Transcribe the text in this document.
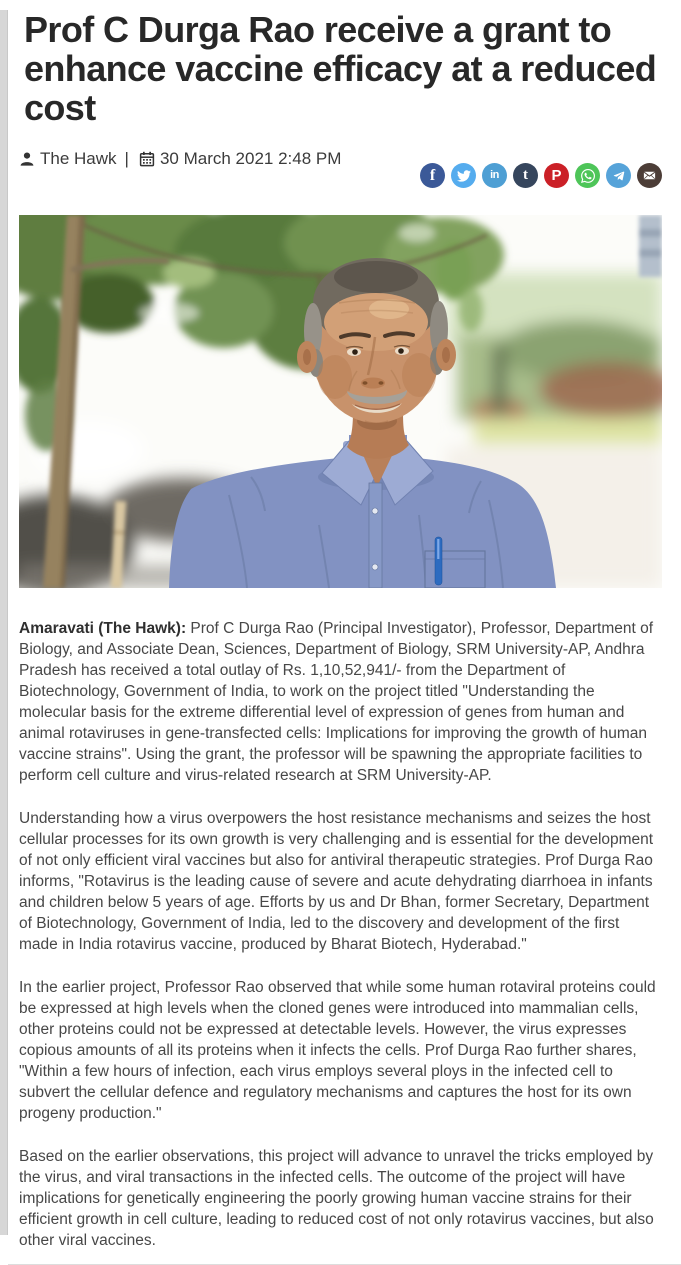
Prof C Durga Rao receive a grant to enhance vaccine efficacy at a reduced cost
The Hawk | 30 March 2021 2:48 PM
f	in t P

Amaravati (The Hawk): Prof C Durga Rao (Principal Investigator), Professor, Department of Biology, and Associate Dean, Sciences, Department of Biology, SRM University-AP, Andhra Pradesh has received a total outlay of Rs. 1,10,52,941/- from the Department of Biotechnology, Government of India, to work on the project titled "Understanding the molecular basis for the extreme differential level of expression of genes from human and animal rotaviruses in gene-transfected cells: Implications for improving the growth of human vaccine strains". Using the grant, the professor will be spawning the appropriate facilities to perform cell culture and virus-related research at SRM University-AP.

Understanding how a virus overpowers the host resistance mechanisms and seizes the host cellular processes for its own growth is very challenging and is essential for the development of not only efficient viral vaccines but also for antiviral therapeutic strategies. Prof Durga Rao informs, "Rotavirus is the leading cause of severe and acute dehydrating diarrhoea in infants and children below 5 years of age. Efforts by us and Dr Bhan, former Secretary, Department of Biotechnology, Government of India, led to the discovery and development of the first made in India rotavirus vaccine, produced by Bharat Biotech, Hyderabad."

In the earlier project, Professor Rao observed that while some human rotaviral proteins could be expressed at high levels when the cloned genes were introduced into mammalian cells, other proteins could not be expressed at detectable levels. However, the virus expresses copious amounts of all its proteins when it infects the cells. Prof Durga Rao further shares, "Within a few hours of infection, each virus employs several ploys in the infected cell to subvert the cellular defence and regulatory mechanisms and captures the host for its own progeny production."

Based on the earlier observations, this project will advance to unravel the tricks employed by the virus, and viral transactions in the infected cells. The outcome of the project will have implications for genetically engineering the poorly growing human vaccine strains for their efficient growth in cell culture, leading to reduced cost of not only rotavirus vaccines, but also other viral vaccines.
